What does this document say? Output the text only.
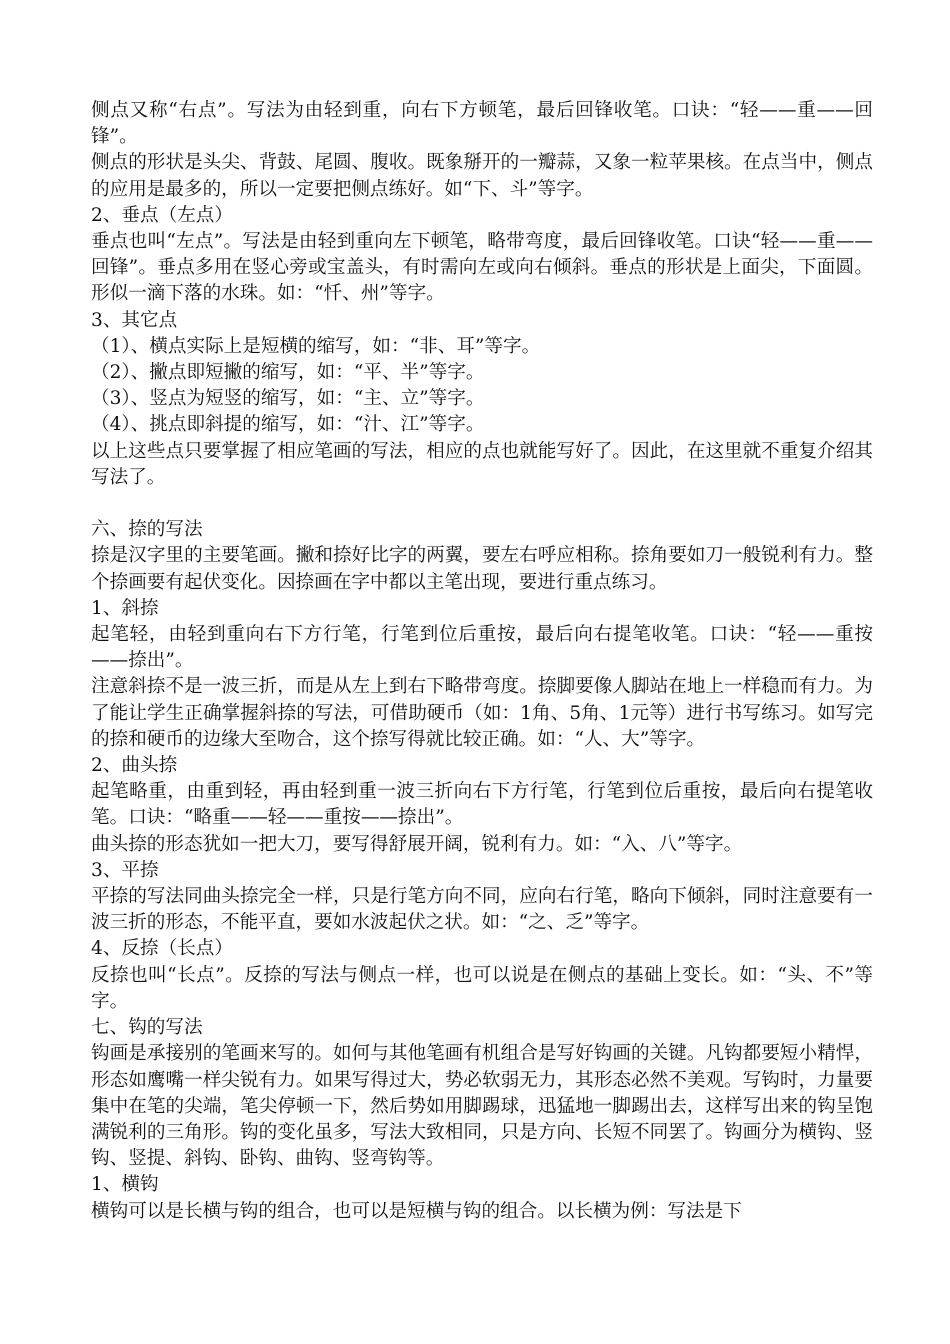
侧点又称“右点”。写法为由轻到重，向右下方顿笔，最后回锋收笔。口诀：“轻——重——回锋”。

侧点的形状是头尖、背鼓、尾圆、腹收。既象掰开的一瓣蒜，又象一粒苹果核。在点当中，侧点的应用是最多的，所以一定要把侧点练好。如“下、斗”等字。

2、垂点（左点）

垂点也叫“左点”。写法是由轻到重向左下顿笔，略带弯度，最后回锋收笔。口诀“轻——重——回锋”。垂点多用在竖心旁或宝盖头，有时需向左或向右倾斜。垂点的形状是上面尖，下面圆。形似一滴下落的水珠。如：“忏、州”等字。

3、其它点

（1）、横点实际上是短横的缩写，如：“非、耳”等字。

（2）、撇点即短撇的缩写，如：“平、半”等字。

（3）、竖点为短竖的缩写，如：“主、立”等字。

（4）、挑点即斜提的缩写，如：“汁、江”等字。

以上这些点只要掌握了相应笔画的写法，相应的点也就能写好了。因此，在这里就不重复介绍其写法了。

六、捺的写法

捺是汉字里的主要笔画。撇和捺好比字的两翼，要左右呼应相称。捺角要如刀一般锐利有力。整个捺画要有起伏变化。因捺画在字中都以主笔出现，要进行重点练习。

1、斜捺

起笔轻，由轻到重向右下方行笔，行笔到位后重按，最后向右提笔收笔。口诀：“轻——重按——捺出”。

注意斜捺不是一波三折，而是从左上到右下略带弯度。捺脚要像人脚站在地上一样稳而有力。为了能让学生正确掌握斜捺的写法，可借助硬币（如：1角、5角、1元等）进行书写练习。如写完的捺和硬币的边缘大至吻合，这个捺写得就比较正确。如：“人、大”等字。

2、曲头捺

起笔略重，由重到轻，再由轻到重一波三折向右下方行笔，行笔到位后重按，最后向右提笔收笔。口诀：“略重——轻——重按——捺出”。

曲头捺的形态犹如一把大刀，要写得舒展开阔，锐利有力。如：“入、八”等字。

3、平捺

平捺的写法同曲头捺完全一样，只是行笔方向不同，应向右行笔，略向下倾斜，同时注意要有一波三折的形态，不能平直，要如水波起伏之状。如：“之、乏”等字。

4、反捺（长点）

反捺也叫“长点”。反捺的写法与侧点一样，也可以说是在侧点的基础上变长。如：“头、不”等字。

七、钩的写法

钩画是承接别的笔画来写的。如何与其他笔画有机组合是写好钩画的关键。凡钩都要短小精悍，形态如鹰嘴一样尖锐有力。如果写得过大，势必软弱无力，其形态必然不美观。写钩时，力量要集中在笔的尖端，笔尖停顿一下，然后势如用脚踢球，迅猛地一脚踢出去，这样写出来的钩呈饱满锐利的三角形。钩的变化虽多，写法大致相同，只是方向、长短不同罢了。钩画分为横钩、竖钩、竖提、斜钩、卧钩、曲钩、竖弯钩等。

1、横钩

横钩可以是长横与钩的组合，也可以是短横与钩的组合。以长横为例：写法是下
